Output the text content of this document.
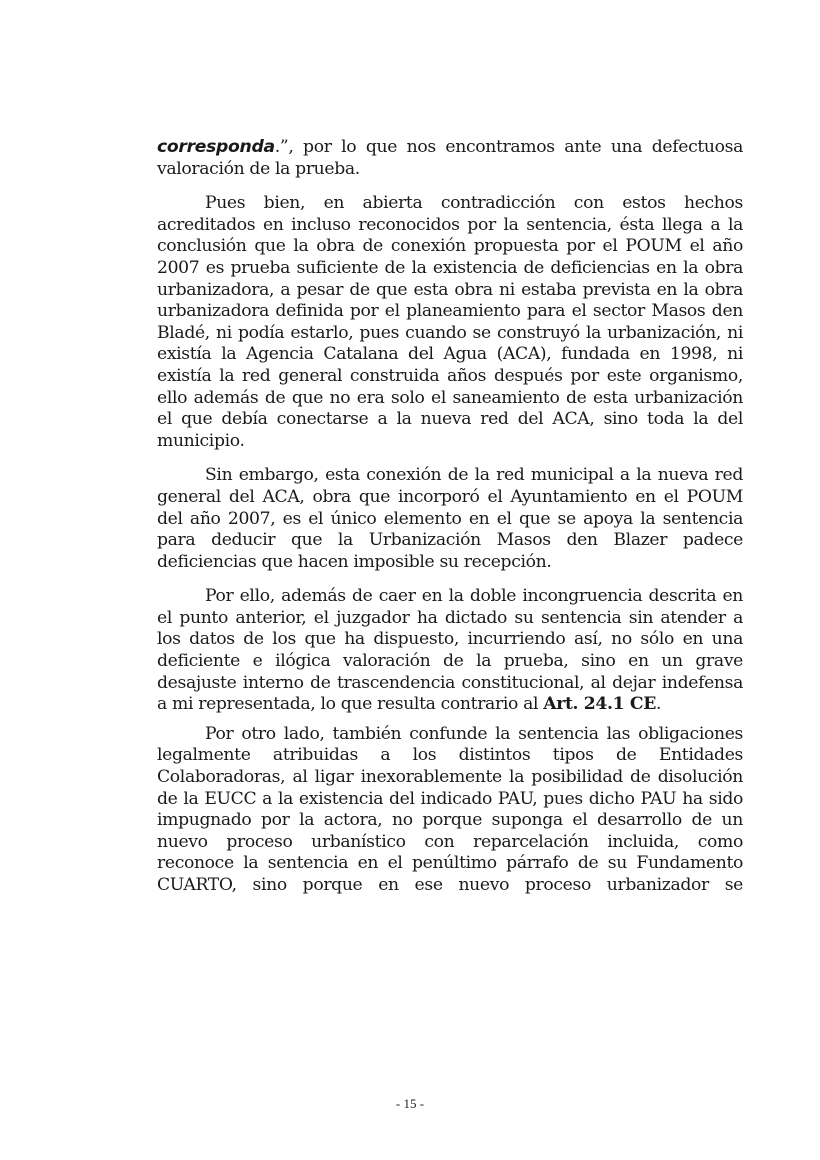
corresponda.”, por lo que nos encontramos ante una defectuosa valoración de la prueba.

Pues bien, en abierta contradicción con estos hechos acreditados en incluso reconocidos por la sentencia, ésta llega a la conclusión que la obra de conexión propuesta por el POUM el año 2007 es prueba suficiente de la existencia de deficiencias en la obra urbanizadora, a pesar de que esta obra ni estaba prevista en la obra urbanizadora definida por el planeamiento para el sector Masos den Bladé, ni podía estarlo, pues cuando se construyó la urbanización, ni existía la Agencia Catalana del Agua (ACA), fundada en 1998, ni existía la red general construida años después por este organismo, ello además de que no era solo el saneamiento de esta urbanización el que debía conectarse a la nueva red del ACA, sino toda la del municipio.

Sin embargo, esta conexión de la red municipal a la nueva red general del ACA, obra que incorporó el Ayuntamiento en el POUM del año 2007, es el único elemento en el que se apoya la sentencia para deducir que la Urbanización Masos den Blazer padece deficiencias que hacen imposible su recepción.

Por ello, además de caer en la doble incongruencia descrita en el punto anterior, el juzgador ha dictado su sentencia sin atender a los datos de los que ha dispuesto, incurriendo así, no sólo en una deficiente e ilógica valoración de la prueba, sino en un grave desajuste interno de trascendencia constitucional, al dejar indefensa a mi representada, lo que resulta contrario al Art. 24.1 CE.

Por otro lado, también confunde la sentencia las obligaciones legalmente atribuidas a los distintos tipos de Entidades Colaboradoras, al ligar inexorablemente la posibilidad de disolución de la EUCC a la existencia del indicado PAU, pues dicho PAU ha sido impugnado por la actora, no porque suponga el desarrollo de un nuevo proceso urbanístico con reparcelación incluida, como reconoce la sentencia en el penúltimo párrafo de su Fundamento CUARTO, sino porque en ese nuevo proceso urbanizador se

- 15 -
